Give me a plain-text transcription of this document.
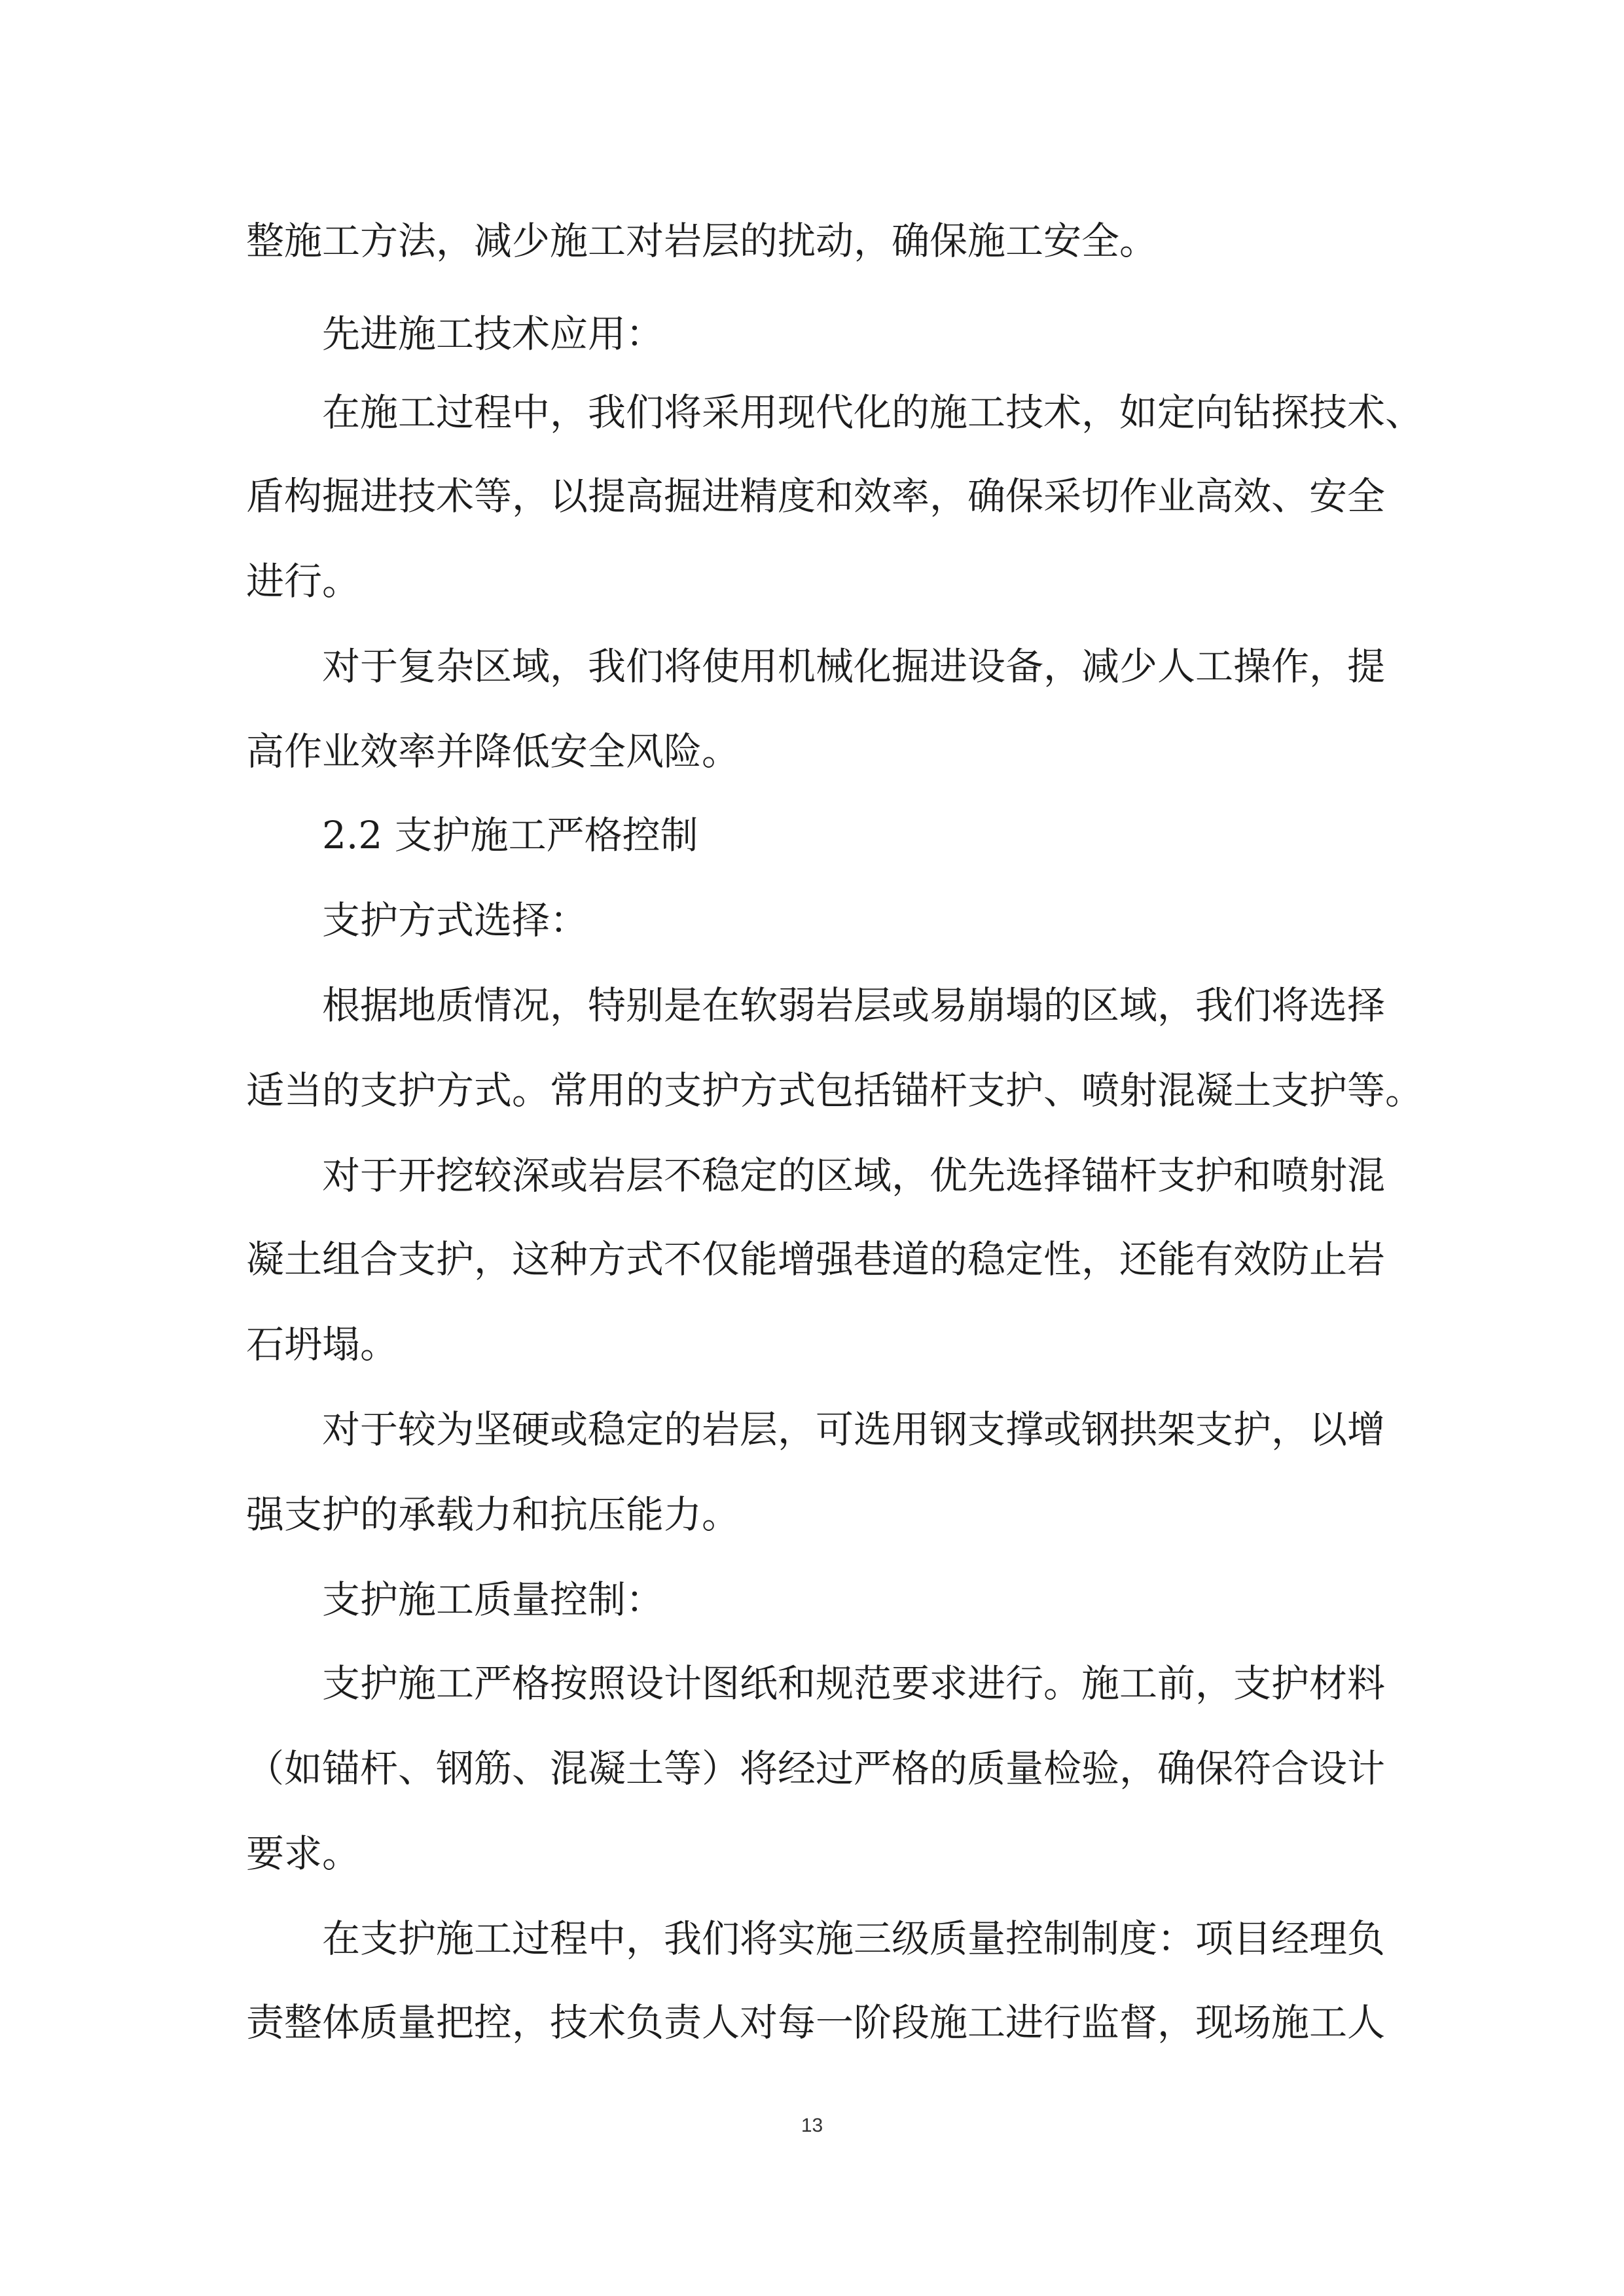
整施工方法，减少施工对岩层的扰动，确保施工安全。

先进施工技术应用：

在施工过程中，我们将采用现代化的施工技术，如定向钻探技术、

盾构掘进技术等，以提高掘进精度和效率，确保采切作业高效、安全

进行。

对于复杂区域，我们将使用机械化掘进设备，减少人工操作，提

高作业效率并降低安全风险。

2.2 支护施工严格控制

支护方式选择：

根据地质情况，特别是在软弱岩层或易崩塌的区域，我们将选择

适当的支护方式。常用的支护方式包括锚杆支护、喷射混凝土支护等。

对于开挖较深或岩层不稳定的区域，优先选择锚杆支护和喷射混

凝土组合支护，这种方式不仅能增强巷道的稳定性，还能有效防止岩

石坍塌。

对于较为坚硬或稳定的岩层，可选用钢支撑或钢拱架支护，以增

强支护的承载力和抗压能力。

支护施工质量控制：

支护施工严格按照设计图纸和规范要求进行。施工前，支护材料

（如锚杆、钢筋、混凝土等）将经过严格的质量检验，确保符合设计

要求。

在支护施工过程中，我们将实施三级质量控制制度：项目经理负

责整体质量把控，技术负责人对每一阶段施工进行监督，现场施工人

13
